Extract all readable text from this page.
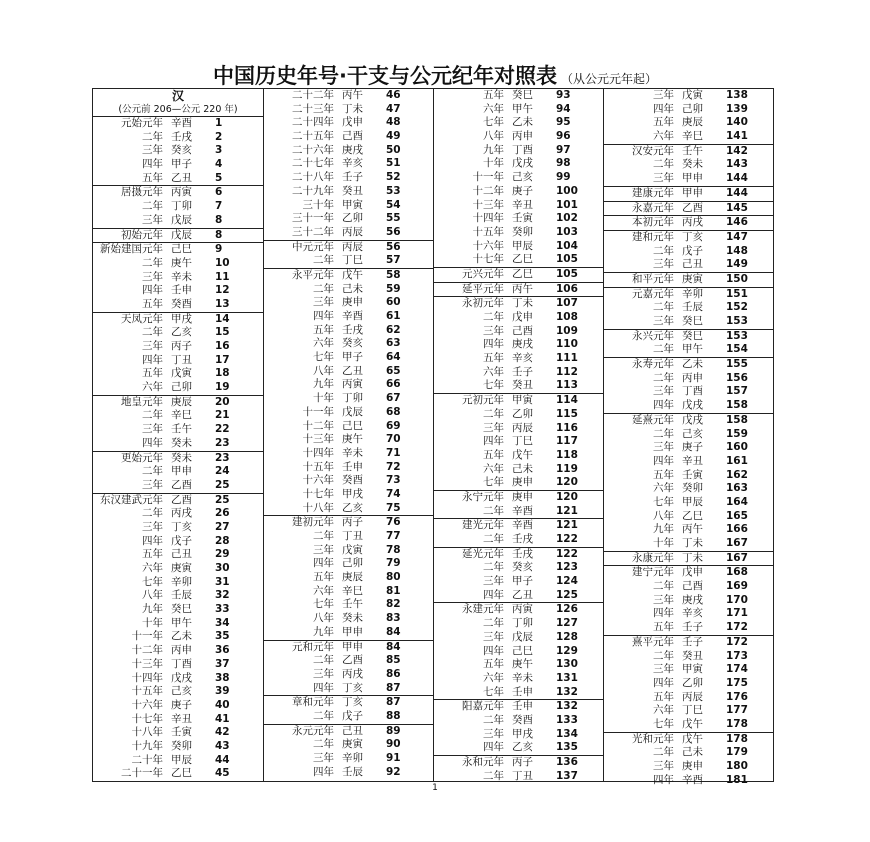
中国历史年号·干支与公元纪年对照表 （从公元元年起）
汉
(公元前 206—公元 220 年)
元始元年 辛酉	1
二年 壬戌	2
三年 癸亥	3
四年 甲子	4
五年 乙丑	5
居摄元年 丙寅	6
二年 丁卯	7
三年 戊辰	8
初始元年 戊辰	8
新始建国元年 己巳	9
二年 庚午	10
三年 辛未	11
四年 壬申	12
五年 癸酉	13
天凤元年 甲戌	14
二年 乙亥	15
三年 丙子	16
四年 丁丑	17
五年 戊寅	18
六年 己卯	19
地皇元年 庚辰	20
二年 辛巳	21
三年 壬午	22
四年 癸未	23
更始元年 癸未	23
二年 甲申	24
三年 乙酉	25
东汉建武元年 乙酉	25
二年 丙戌	26
三年 丁亥	27
四年 戊子	28
五年 己丑	29
六年 庚寅	30
七年 辛卯	31
八年 壬辰	32
九年 癸巳	33
十年 甲午	34
十一年 乙未	35
十二年 丙申	36
十三年 丁酉	37
十四年 戊戌	38
十五年 己亥	39
十六年 庚子	40
十七年 辛丑	41
十八年 壬寅	42
十九年 癸卯	43
二十年 甲辰	44
二十一年 乙巳	45
二十二年 丙午	46
二十三年 丁未	47
二十四年 戊申	48
二十五年 己酉	49
二十六年 庚戌	50
二十七年 辛亥	51
二十八年 壬子	52
二十九年 癸丑	53
三十年 甲寅	54
三十一年 乙卯	55
三十二年 丙辰	56
中元元年 丙辰	56
二年 丁巳	57
永平元年 戊午	58
二年 己未	59
三年 庚申	60
四年 辛酉	61
五年 壬戌	62
六年 癸亥	63
七年 甲子	64
八年 乙丑	65
九年 丙寅	66
十年 丁卯	67
十一年 戊辰	68
十二年 己巳	69
十三年 庚午	70
十四年 辛未	71
十五年 壬申	72
十六年 癸酉	73
十七年 甲戌	74
十八年 乙亥	75
建初元年 丙子	76
二年 丁丑	77
三年 戊寅	78
四年 己卯	79
五年 庚辰	80
六年 辛巳	81
七年 壬午	82
八年 癸未	83
九年 甲申	84
元和元年 甲申	84
二年 乙酉	85
三年 丙戌	86
四年 丁亥	87
章和元年 丁亥	87
二年 戊子	88
永元元年 己丑	89
二年 庚寅	90
三年 辛卯	91
四年 壬辰	92
五年 癸巳	93
六年 甲午	94
七年 乙未	95
八年 丙申	96
九年 丁酉	97
十年 戊戌	98
十一年 己亥	99
十二年 庚子	100
十三年 辛丑	101
十四年 壬寅	102
十五年 癸卯	103
十六年 甲辰	104
十七年 乙巳	105
元兴元年 乙巳	105
延平元年 丙午	106
永初元年 丁未	107
二年 戊申	108
三年 己酉	109
四年 庚戌	110
五年 辛亥	111
六年 壬子	112
七年 癸丑	113
元初元年 甲寅	114
二年 乙卯	115
三年 丙辰	116
四年 丁巳	117
五年 戊午	118
六年 己未	119
七年 庚申	120
永宁元年 庚申	120
二年 辛酉	121
建光元年 辛酉	121
二年 壬戌	122
延光元年 壬戌	122
二年 癸亥	123
三年 甲子	124
四年 乙丑	125
永建元年 丙寅	126
二年 丁卯	127
三年 戊辰	128
四年 己巳	129
五年 庚午	130
六年 辛未	131
七年 壬申	132
阳嘉元年 壬申	132
二年 癸酉	133
三年 甲戌	134
四年 乙亥	135
永和元年 丙子	136
二年 丁丑	137
三年 戊寅	138
四年 己卯	139
五年 庚辰	140
六年 辛巳	141
汉安元年 壬午	142
二年 癸未	143
三年 甲申	144
建康元年 甲申	144
永嘉元年 乙酉	145
本初元年 丙戌	146
建和元年 丁亥	147
二年 戊子	148
三年 己丑	149
和平元年 庚寅	150
元嘉元年 辛卯	151
二年 壬辰	152
三年 癸巳	153
永兴元年 癸巳	153
二年 甲午	154
永寿元年 乙未	155
二年 丙申	156
三年 丁酉	157
四年 戊戌	158
延熹元年 戊戌	158
二年 己亥	159
三年 庚子	160
四年 辛丑	161
五年 壬寅	162
六年 癸卯	163
七年 甲辰	164
八年 乙巳	165
九年 丙午	166
十年 丁未	167
永康元年 丁未	167
建宁元年 戊申	168
二年 己酉	169
三年 庚戌	170
四年 辛亥	171
五年 壬子	172
熹平元年 壬子	172
二年 癸丑	173
三年 甲寅	174
四年 乙卯	175
五年 丙辰	176
六年 丁巳	177
七年 戊午	178
光和元年 戊午	178
二年 己未	179
三年 庚申	180
四年 辛酉	181
1
